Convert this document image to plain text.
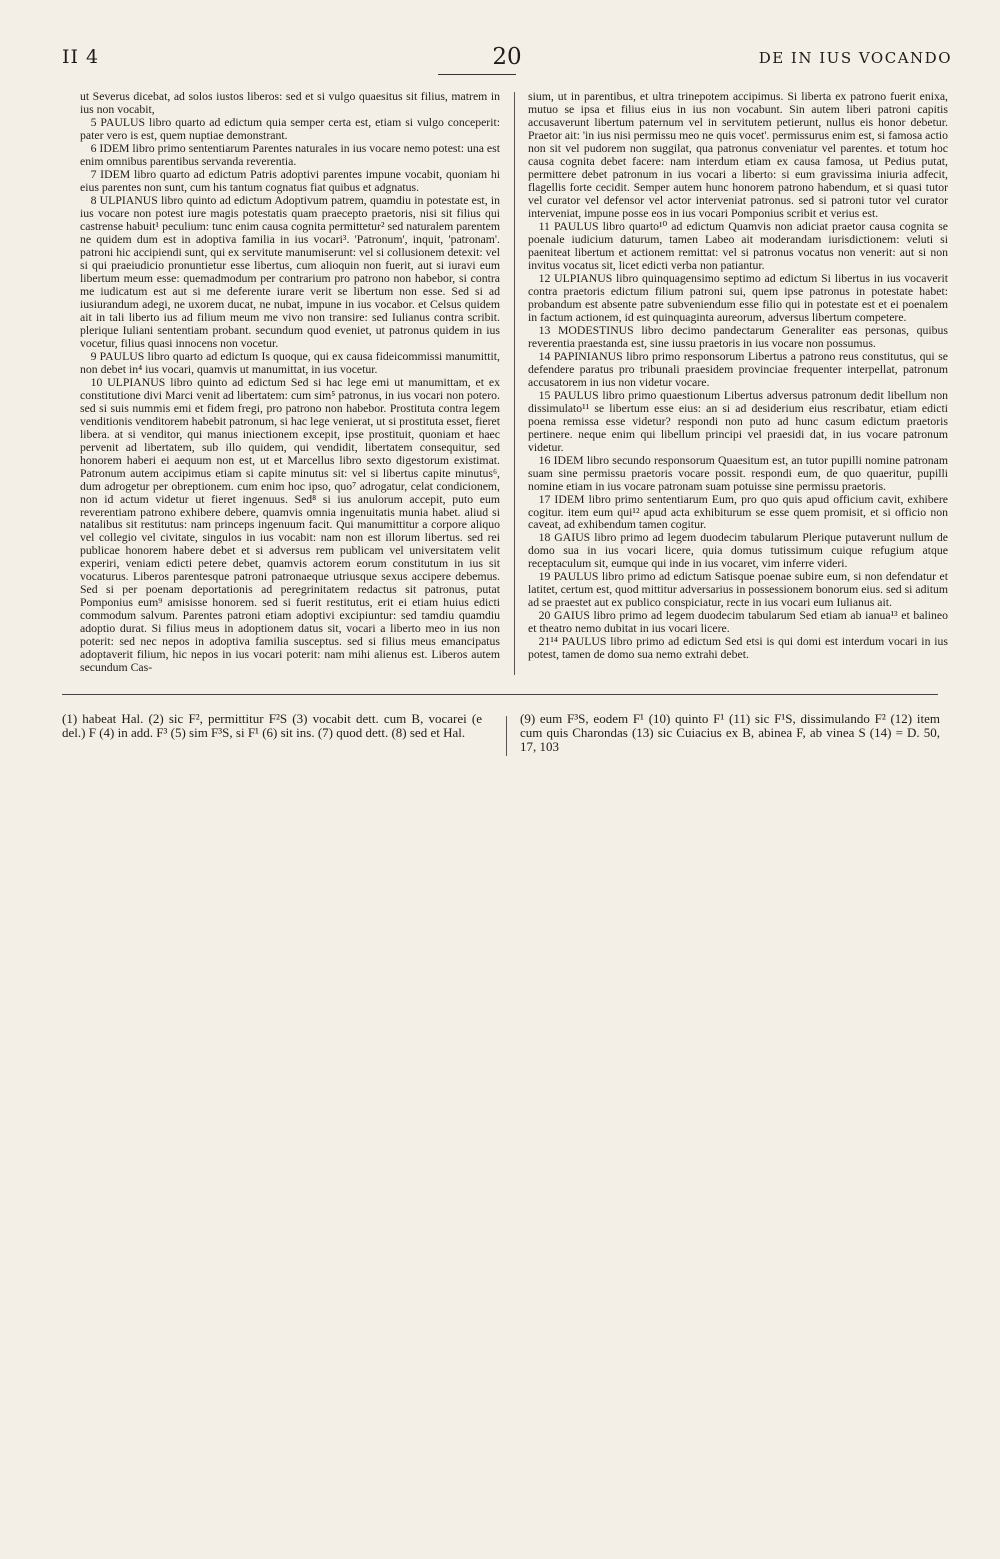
II 4	20	DE IN IUS VOCANDO

ut Severus dicebat, ad solos iustos liberos: sed et si vulgo quaesitus sit filius, matrem in ius non vocabit,

5 PAULUS libro quarto ad edictum quia semper certa est, etiam si vulgo conceperit: pater vero is est, quem nuptiae demonstrant.

6 IDEM libro primo sententiarum Parentes naturales in ius vocare nemo potest: una est enim omnibus parentibus servanda reverentia.

7 IDEM libro quarto ad edictum Patris adoptivi parentes impune vocabit, quoniam hi eius parentes non sunt, cum his tantum cognatus fiat quibus et adgnatus.

8 ULPIANUS libro quinto ad edictum Adoptivum patrem, quamdiu in potestate est, in ius vocare non potest iure magis potestatis quam praecepto praetoris, nisi sit filius qui castrense habuit¹ peculium: tunc enim causa cognita permittetur² sed naturalem parentem ne quidem dum est in adoptiva familia in ius vocari³. 'Patronum', inquit, 'patronam'. patroni hic accipiendi sunt, qui ex servitute manumiserunt: vel si collusionem detexit: vel si qui praeiudicio pronuntietur esse libertus, cum alioquin non fuerit, aut si iuravi eum libertum meum esse: quemadmodum per contrarium pro patrono non habebor, si contra me iudicatum est aut si me deferente iurare verit se libertum non esse. Sed si ad iusiurandum adegi, ne uxorem ducat, ne nubat, impune in ius vocabor. et Celsus quidem ait in tali liberto ius ad filium meum me vivo non transire: sed Iulianus contra scribit. plerique Iuliani sententiam probant. secundum quod eveniet, ut patronus quidem in ius vocetur, filius quasi innocens non vocetur.

9 PAULUS libro quarto ad edictum Is quoque, qui ex causa fideicommissi manumittit, non debet in⁴ ius vocari, quamvis ut manumittat, in ius vocetur.

10 ULPIANUS libro quinto ad edictum Sed si hac lege emi ut manumittam, et ex constitutione divi Marci venit ad libertatem: cum sim⁵ patronus, in ius vocari non potero. sed si suis nummis emi et fidem fregi, pro patrono non habebor. Prostituta contra legem venditionis venditorem habebit patronum, si hac lege venierat, ut si prostituta esset, fieret libera. at si venditor, qui manus iniectionem excepit, ipse prostituit, quoniam et haec pervenit ad libertatem, sub illo quidem, qui vendidit, libertatem consequitur, sed honorem haberi ei aequum non est, ut et Marcellus libro sexto digestorum existimat. Patronum autem accipimus etiam si capite minutus sit: vel si libertus capite minutus⁶, dum adrogetur per obreptionem. cum enim hoc ipso, quo⁷ adrogatur, celat condicionem, non id actum videtur ut fieret ingenuus. Sed⁸ si ius anulorum accepit, puto eum reverentiam patrono exhibere debere, quamvis omnia ingenuitatis munia habet. aliud si natalibus sit restitutus: nam princeps ingenuum facit. Qui manumittitur a corpore aliquo vel collegio vel civitate, singulos in ius vocabit: nam non est illorum libertus. sed rei publicae honorem habere debet et si adversus rem publicam vel universitatem velit experiri, veniam edicti petere debet, quamvis actorem eorum constitutum in ius sit vocaturus. Liberos parentesque patroni patronaeque utriusque sexus accipere debemus. Sed si per poenam deportationis ad peregrinitatem redactus sit patronus, putat Pomponius eum⁹ amisisse honorem. sed si fuerit restitutus, erit ei etiam huius edicti commodum salvum. Parentes patroni etiam adoptivi excipiuntur: sed tamdiu quamdiu adoptio durat. Si filius meus in adoptionem datus sit, vocari a liberto meo in ius non poterit: sed nec nepos in adoptiva familia susceptus. sed si filius meus emancipatus adoptaverit filium, hic nepos in ius vocari poterit: nam mihi alienus est. Liberos autem secundum Cas-

sium, ut in parentibus, et ultra trinepotem accipimus. Si liberta ex patrono fuerit enixa, mutuo se ipsa et filius eius in ius non vocabunt. Sin autem liberi patroni capitis accusaverunt libertum paternum vel in servitutem petierunt, nullus eis honor debetur. Praetor ait: 'in ius nisi permissu meo ne quis vocet'. permissurus enim est, si famosa actio non sit vel pudorem non suggilat, qua patronus conveniatur vel parentes. et totum hoc causa cognita debet facere: nam interdum etiam ex causa famosa, ut Pedius putat, permittere debet patronum in ius vocari a liberto: si eum gravissima iniuria adfecit, flagellis forte cecidit. Semper autem hunc honorem patrono habendum, et si quasi tutor vel curator vel defensor vel actor interveniat patronus. sed si patroni tutor vel curator interveniat, impune posse eos in ius vocari Pomponius scribit et verius est.

11 PAULUS libro quarto¹⁰ ad edictum Quamvis non adiciat praetor causa cognita se poenale iudicium daturum, tamen Labeo ait moderandam iurisdictionem: veluti si paeniteat libertum et actionem remittat: vel si patronus vocatus non venerit: aut si non invitus vocatus sit, licet edicti verba non patiantur.

12 ULPIANUS libro quinquagensimo septimo ad edictum Si libertus in ius vocaverit contra praetoris edictum filium patroni sui, quem ipse patronus in potestate habet: probandum est absente patre subveniendum esse filio qui in potestate est et ei poenalem in factum actionem, id est quinquaginta aureorum, adversus libertum competere.

13 MODESTINUS libro decimo pandectarum Generaliter eas personas, quibus reverentia praestanda est, sine iussu praetoris in ius vocare non possumus.

14 PAPINIANUS libro primo responsorum Libertus a patrono reus constitutus, qui se defendere paratus pro tribunali praesidem provinciae frequenter interpellat, patronum accusatorem in ius non videtur vocare.

15 PAULUS libro primo quaestionum Libertus adversus patronum dedit libellum non dissimulato¹¹ se libertum esse eius: an si ad desiderium eius rescribatur, etiam edicti poena remissa esse videtur? respondi non puto ad hunc casum edictum praetoris pertinere. neque enim qui libellum principi vel praesidi dat, in ius vocare patronum videtur.

16 IDEM libro secundo responsorum Quaesitum est, an tutor pupilli nomine patronam suam sine permissu praetoris vocare possit. respondi eum, de quo quaeritur, pupilli nomine etiam in ius vocare patronam suam potuisse sine permissu praetoris.

17 IDEM libro primo sententiarum Eum, pro quo quis apud officium cavit, exhibere cogitur. item eum qui¹² apud acta exhibiturum se esse quem promisit, et si officio non caveat, ad exhibendum tamen cogitur.

18 GAIUS libro primo ad legem duodecim tabularum Plerique putaverunt nullum de domo sua in ius vocari licere, quia domus tutissimum cuique refugium atque receptaculum sit, eumque qui inde in ius vocaret, vim inferre videri.

19 PAULUS libro primo ad edictum Satisque poenae subire eum, si non defendatur et latitet, certum est, quod mittitur adversarius in possessionem bonorum eius. sed si aditum ad se praestet aut ex publico conspiciatur, recte in ius vocari eum Iulianus ait.

20 GAIUS libro primo ad legem duodecim tabularum Sed etiam ab ianua¹³ et balineo et theatro nemo dubitat in ius vocari licere.

21¹⁴ PAULUS libro primo ad edictum Sed etsi is qui domi est interdum vocari in ius potest, tamen de domo sua nemo extrahi debet.

(1) habeat Hal. (2) sic F², permittitur F²S (3) vocabit dett. cum B, vocarei (e del.) F (4) in add. F³ (5) sim F³S, si F¹ (6) sit ins. (7) quod dett. (8) sed et Hal.
(9) eum F³S, eodem F¹ (10) quinto F¹ (11) sic F¹S, dissimulando F² (12) item cum quis Charondas (13) sic Cuiacius ex B, abinea F, ab vinea S (14) = D. 50, 17, 103
